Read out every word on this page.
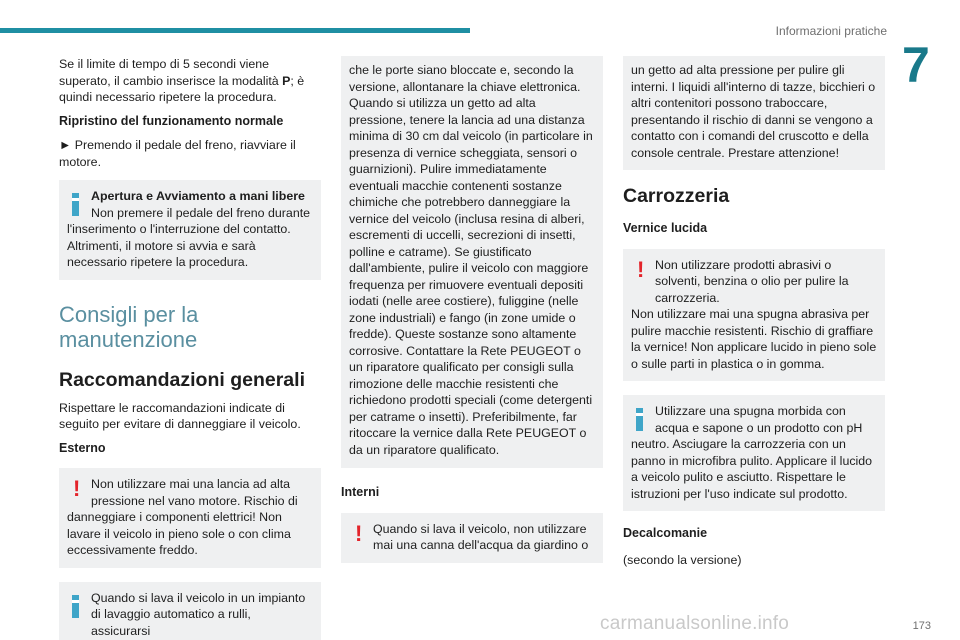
Informazioni pratiche
7

Se il limite di tempo di 5 secondi viene superato, il cambio inserisce la modalità P; è quindi necessario ripetere la procedura.

Ripristino del funzionamento normale

► Premendo il pedale del freno, riavviare il motore.

Apertura e Avviamento a mani libere
Non premere il pedale del freno durante
l'inserimento o l'interruzione del contatto. Altrimenti, il motore si avvia e sarà necessario ripetere la procedura.
Consigli per la manutenzione
Raccomandazioni generali

Rispettare le raccomandazioni indicate di seguito per evitare di danneggiare il veicolo.

Esterno
! Non utilizzare mai una lancia ad alta pressione nel vano motore. Rischio di
danneggiare i componenti elettrici! Non lavare il veicolo in pieno sole o con clima eccessivamente freddo.
Quando si lava il veicolo in un impianto di lavaggio automatico a rulli, assicurarsi
che le porte siano bloccate e, secondo la versione, allontanare la chiave elettronica. Quando si utilizza un getto ad alta pressione, tenere la lancia ad una distanza minima di 30 cm dal veicolo (in particolare in presenza di vernice scheggiata, sensori o guarnizioni). Pulire immediatamente eventuali macchie contenenti sostanze chimiche che potrebbero danneggiare la vernice del veicolo (inclusa resina di alberi, escrementi di uccelli, secrezioni di insetti, polline e catrame). Se giustificato dall'ambiente, pulire il veicolo con maggiore frequenza per rimuovere eventuali depositi iodati (nelle aree costiere), fuliggine (nelle zone industriali) e fango (in zone umide o fredde). Queste sostanze sono altamente corrosive. Contattare la Rete PEUGEOT o un riparatore qualificato per consigli sulla rimozione delle macchie resistenti che richiedono prodotti speciali (come detergenti per catrame o insetti). Preferibilmente, far ritoccare la vernice dalla Rete PEUGEOT o da un riparatore qualificato.
Interni
! Quando si lava il veicolo, non utilizzare mai una canna dell'acqua da giardino o
un getto ad alta pressione per pulire gli interni. I liquidi all'interno di tazze, bicchieri o altri contenitori possono traboccare, presentando il rischio di danni se vengono a contatto con i comandi del cruscotto e della console centrale. Prestare attenzione!
Carrozzeria
Vernice lucida
! Non utilizzare prodotti abrasivi o solventi, benzina o olio per pulire la carrozzeria.
Non utilizzare mai una spugna abrasiva per pulire macchie resistenti. Rischio di graffiare la vernice! Non applicare lucido in pieno sole o sulle parti in plastica o in gomma.
Utilizzare una spugna morbida con acqua e sapone o un prodotto con pH
neutro. Asciugare la carrozzeria con un panno in microfibra pulito. Applicare il lucido a veicolo pulito e asciutto. Rispettare le istruzioni per l'uso indicate sul prodotto.
Decalcomanie

(secondo la versione)

173
carmanualsonline.info
